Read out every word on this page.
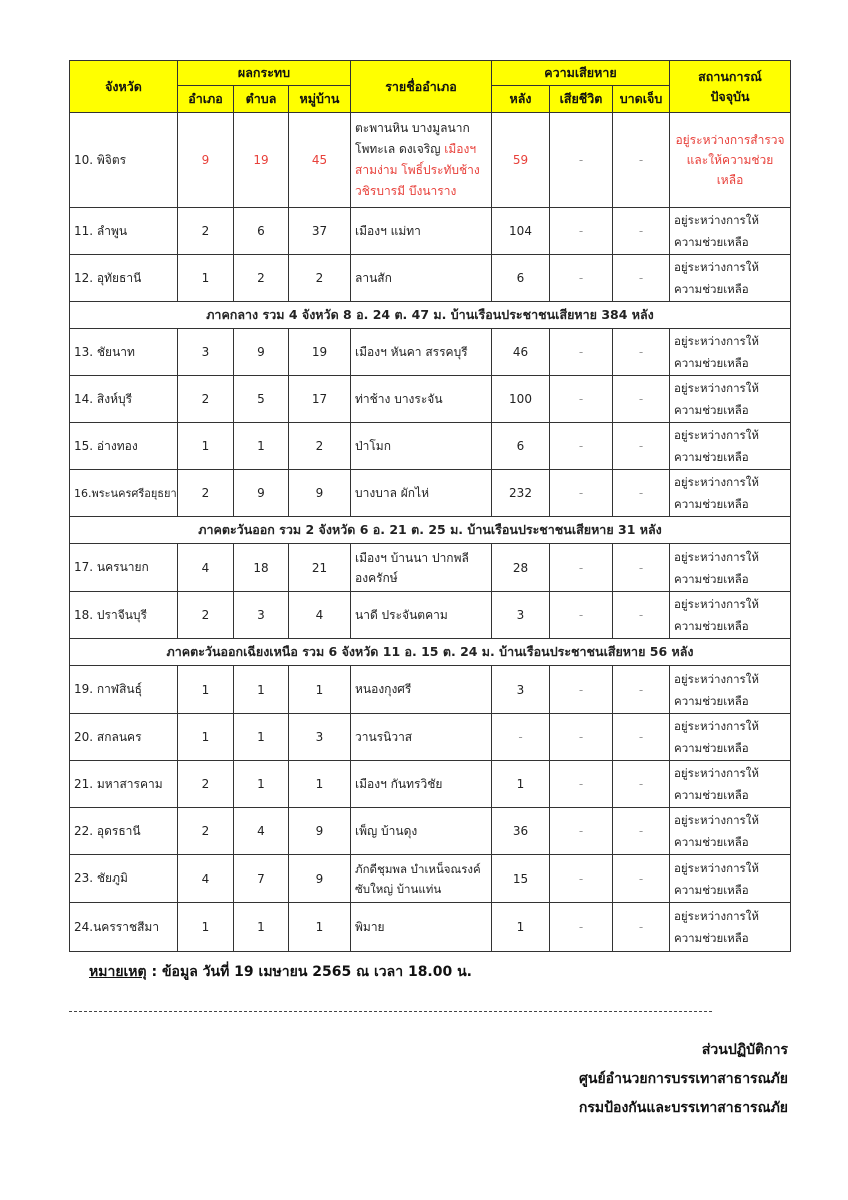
จังหวัด	ผลกระทบ			รายชื่ออำเภอ	ความเสียหาย			สถานการณ์
ปัจจุบัน
	อำเภอ	ตำบล	หมู่บ้าน		หลัง	เสียชีวิต	บาดเจ็บ	
10. พิจิตร	9	19	45	ตะพานหิน บางมูลนาก โพทะเล ดงเจริญ เมืองฯ สามง่าม โพธิ์ประทับช้าง วชิรบารมี บึงนาราง	59	-	-	อยู่ระหว่างการสำรวจ และให้ความช่วยเหลือ
11. ลำพูน	2	6	37	เมืองฯ แม่ทา	104	-	-	อยู่ระหว่างการให้ความช่วยเหลือ
12. อุทัยธานี	1	2	2	ลานสัก	6	-	-	อยู่ระหว่างการให้ความช่วยเหลือ
ภาคกลาง รวม 4 จังหวัด 8 อ. 24 ต. 47 ม. บ้านเรือนประชาชนเสียหาย 384 หลัง								
13. ชัยนาท	3	9	19	เมืองฯ หันคา สรรคบุรี	46	-	-	อยู่ระหว่างการให้ความช่วยเหลือ
14. สิงห์บุรี	2	5	17	ท่าช้าง บางระจัน	100	-	-	อยู่ระหว่างการให้ความช่วยเหลือ
15. อ่างทอง	1	1	2	ป่าโมก	6	-	-	อยู่ระหว่างการให้ความช่วยเหลือ
16.พระนครศรีอยุธยา	2	9	9	บางบาล ผักไห่	232	-	-	อยู่ระหว่างการให้ความช่วยเหลือ
ภาคตะวันออก รวม 2 จังหวัด 6 อ. 21 ต. 25 ม. บ้านเรือนประชาชนเสียหาย 31 หลัง								
17. นครนายก	4	18	21	เมืองฯ บ้านนา ปากพลี องครักษ์	28	-	-	อยู่ระหว่างการให้ความช่วยเหลือ
18. ปราจีนบุรี	2	3	4	นาดี ประจันตคาม	3	-	-	อยู่ระหว่างการให้ความช่วยเหลือ
ภาคตะวันออกเฉียงเหนือ รวม 6 จังหวัด 11 อ. 15 ต. 24 ม. บ้านเรือนประชาชนเสียหาย 56 หลัง								
19. กาฬสินธุ์	1	1	1	หนองกุงศรี	3	-	-	อยู่ระหว่างการให้ความช่วยเหลือ
20. สกลนคร	1	1	3	วานรนิวาส	-	-	-	อยู่ระหว่างการให้ความช่วยเหลือ
21. มหาสารคาม	2	1	1	เมืองฯ กันทรวิชัย	1	-	-	อยู่ระหว่างการให้ความช่วยเหลือ
22. อุดรธานี	2	4	9	เพ็ญ บ้านดุง	36	-	-	อยู่ระหว่างการให้ความช่วยเหลือ
23. ชัยภูมิ	4	7	9	ภักดีชุมพล บำเหน็จณรงค์ ซับใหญ่ บ้านแท่น	15	-	-	อยู่ระหว่างการให้ความช่วยเหลือ
24.นครราชสีมา	1	1	1	พิมาย	1	-	-	อยู่ระหว่างการให้ความช่วยเหลือ
หมายเหตุ : ข้อมูล วันที่ 19 เมษายน 2565 ณ เวลา 18.00 น.
ส่วนปฏิบัติการ
ศูนย์อำนวยการบรรเทาสาธารณภัย
กรมป้องกันและบรรเทาสาธารณภัย
